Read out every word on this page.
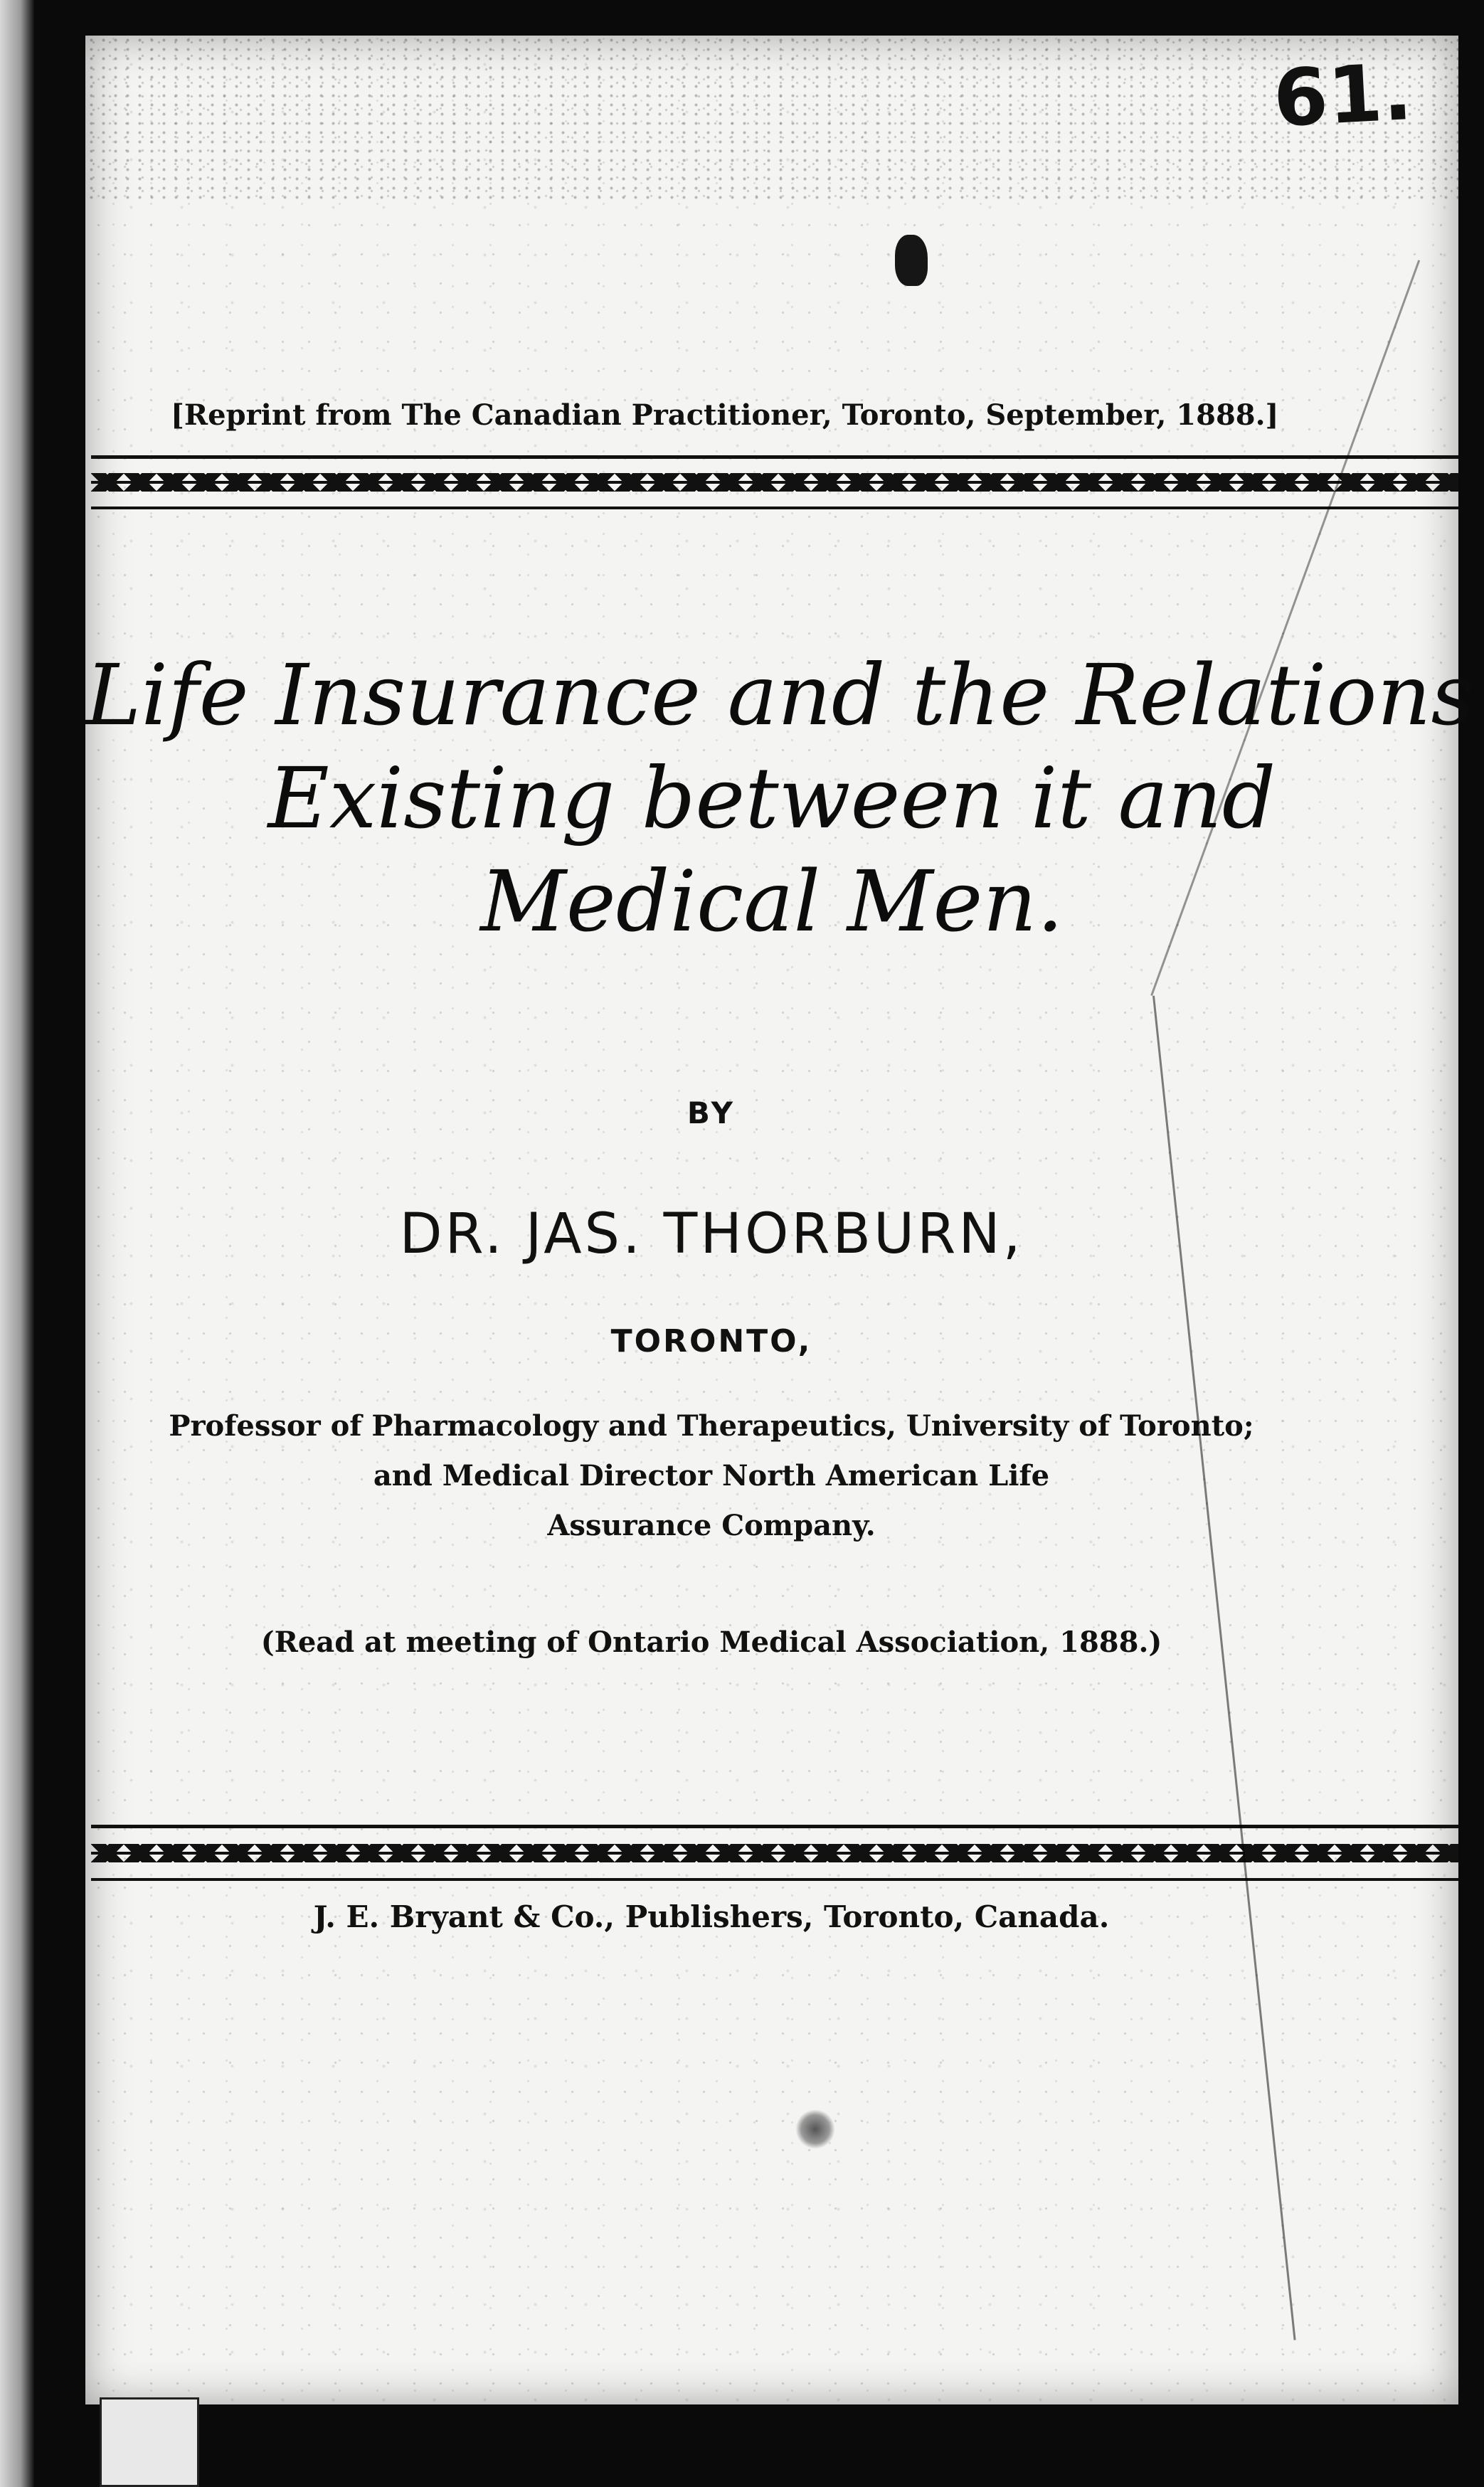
61.
[Reprint from The Canadian Practitioner, Toronto, September, 1888.]
Life Insurance and the Relations
Existing between it and
Medical Men.
BY
DR. JAS. THORBURN,
TORONTO,
Professor of Pharmacology and Therapeutics, University of Toronto;
and Medical Director North American Life
Assurance Company.
(Read at meeting of Ontario Medical Association, 1888.)
J. E. Bryant & Co., Publishers, Toronto, Canada.
